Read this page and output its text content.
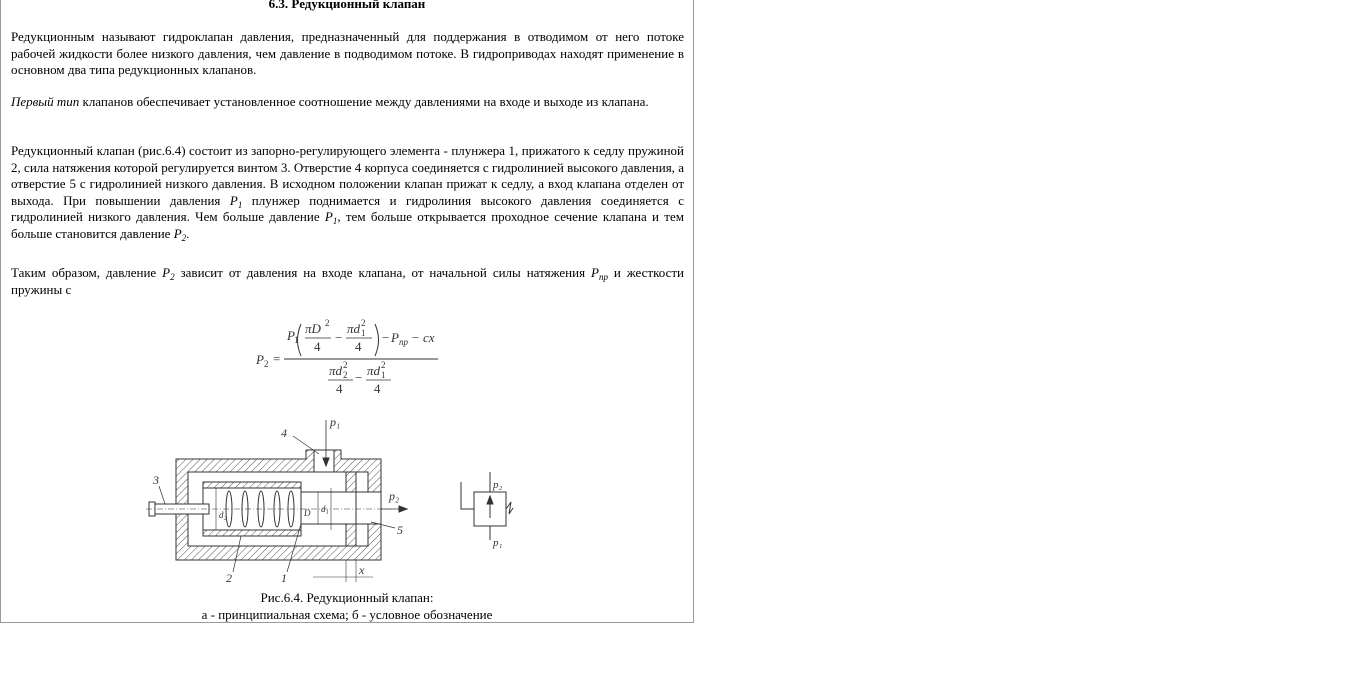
6.3. Редукционный клапан

Редукционным называют гидроклапан давления, предназначенный для поддержания в отводимом от него потоке рабочей жидкости более низкого давления, чем давление в подводимом потоке. В гидроприводах находят применение в основном два типа редукционных клапанов.

Первый тип клапанов обеспечивает установленное соотношение между давлениями на входе и выходе из клапана.

Редукционный клапан (рис.6.4) состоит из запорно-регулирующего элемента - плунжера 1, прижатого к седлу пружиной 2, сила натяжения которой регулируется винтом 3. Отверстие 4 корпуса соединяется с гидролинией высокого давления, а отверстие 5 с гидролинией низкого давления. В исходном положении клапан прижат к седлу, а вход клапана отделен от выхода. При повышении давления $P_1$ плунжер поднимается и гидролиния высокого давления соединяется с гидролинией низкого давления. Чем больше давление $P_1$, тем больше открывается проходное сечение клапана и тем больше становится давление $P_2$.

Таким образом, давление $P_2$ зависит от давления на входе клапана, от начальной силы натяжения $P_{пр}$ и жесткости пружины с

P 2 =
P 1
πD 2
4
−
πd 1
2
4
− P пр − cx
πd 2
2
4
− πd 1
2
4
4
3
5
2	1
p₁
p₂
x
d₁
D
d₂
p₂
p₁
Рис.6.4. Редукционный клапан:
а - принципиальная схема; б - условное обозначение
